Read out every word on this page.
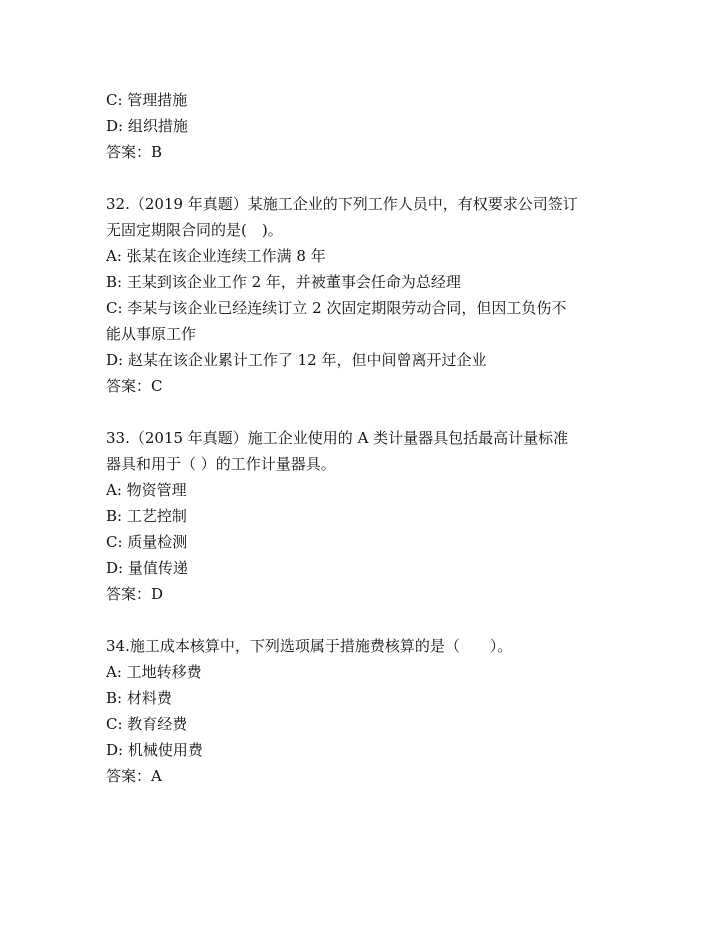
C: 管理措施
D: 组织措施
答案：B
32.（2019 年真题）某施工企业的下列工作人员中，有权要求公司签订
无固定期限合同的是(　)。
A: 张某在该企业连续工作满 8 年
B: 王某到该企业工作 2 年，并被董事会任命为总经理
C: 李某与该企业已经连续订立 2 次固定期限劳动合同，但因工负伤不
能从事原工作
D: 赵某在该企业累计工作了 12 年，但中间曾离开过企业
答案：C
33.（2015 年真题）施工企业使用的 A 类计量器具包括最高计量标准
器具和用于（ ）的工作计量器具。
A: 物资管理
B: 工艺控制
C: 质量检测
D: 量值传递
答案：D
34.施工成本核算中，下列选项属于措施费核算的是（　　）。
A: 工地转移费
B: 材料费
C: 教育经费
D: 机械使用费
答案：A
